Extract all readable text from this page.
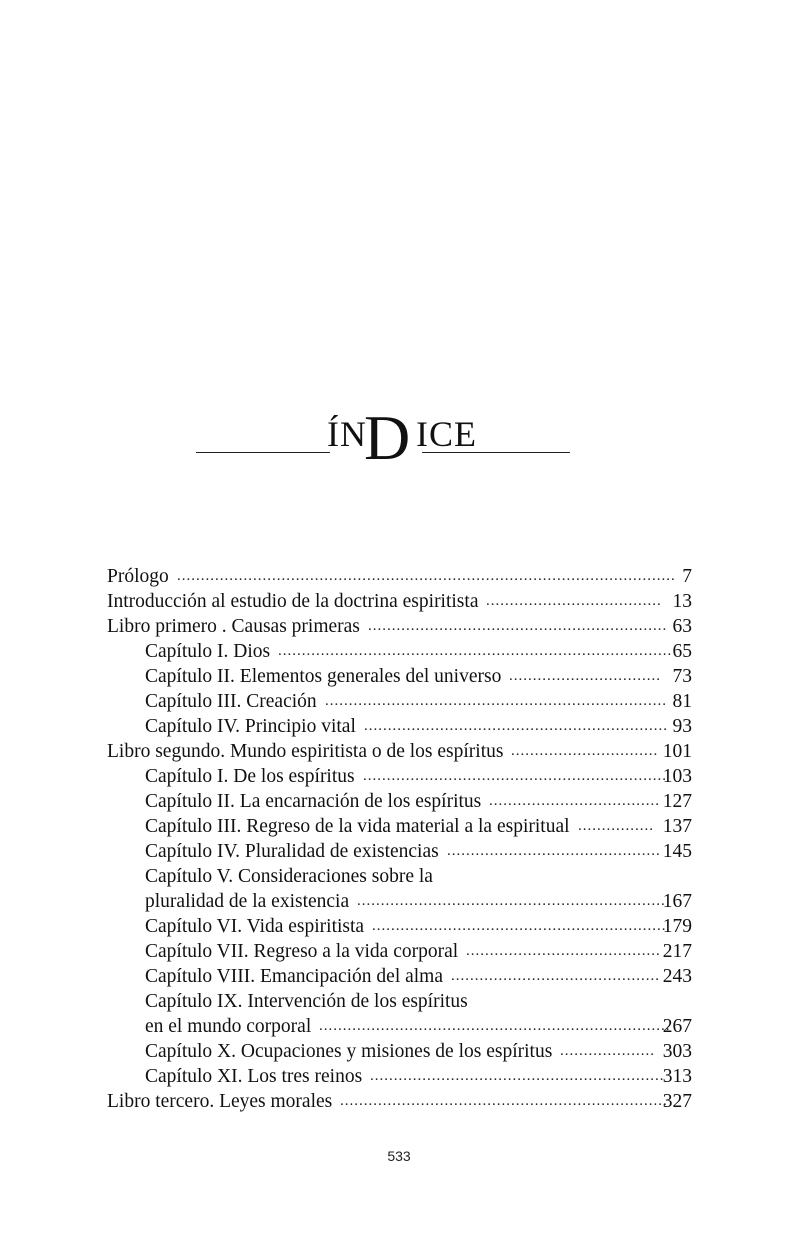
ÍN
D ICE
Prólogo ......................................................................................................... 7
Introducción al estudio de la doctrina espiritista ..................................... 13
Libro primero . Causas primeras ............................................................... 63
Capítulo I. Dios ................................................................................... 65
Capítulo II. Elementos generales del universo ................................ 73
Capítulo III. Creación ........................................................................ 81
Capítulo IV. Principio vital ................................................................ 93
Libro segundo. Mundo espiritista o de los espíritus ............................... 101
Capítulo I. De los espíritus ................................................................
103
Capítulo II. La encarnación de los espíritus .................................... 127
Capítulo III. Regreso de la vida material a la espiritual ................ 137
Capítulo IV. Pluralidad de existencias ............................................. 145
Capítulo V. Consideraciones sobre la
pluralidad de la existencia .................................................................
167
Capítulo VI. Vida espiritista ..............................................................
179
Capítulo VII. Regreso a la vida corporal ......................................... 217
Capítulo VIII. Emancipación del alma ............................................ 243
Capítulo IX. Intervención de los espíritus
en el mundo corporal ..........................................................................
267
Capítulo X. Ocupaciones y misiones de los espíritus .................... 303
Capítulo XI. Los tres reinos ..............................................................
313
Libro tercero. Leyes morales .....................................................................
327
533
